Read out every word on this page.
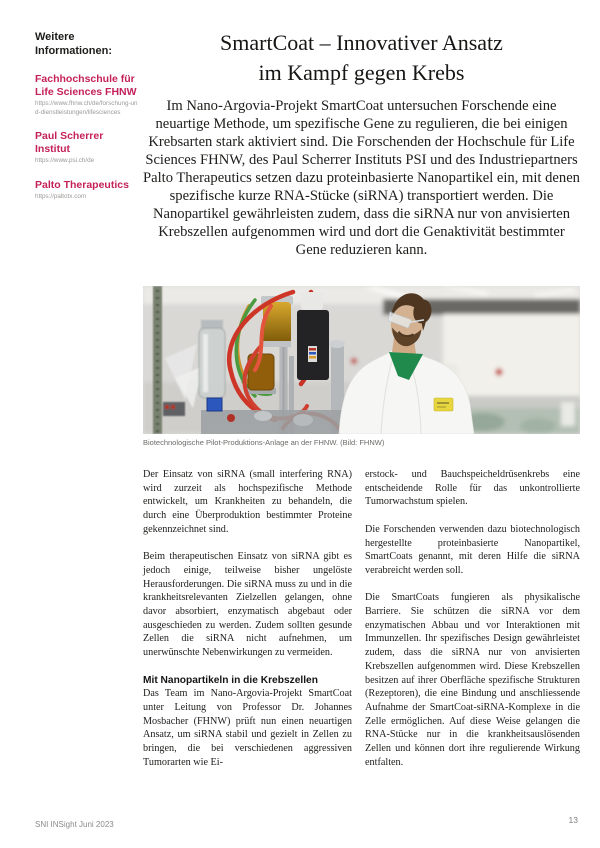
Weitere Informationen:
Fachhochschule für Life Sciences FHNW
https://www.fhnw.ch/de/forschung-und-dienstleistungen/lifesciences
Paul Scherrer Institut
https://www.psi.ch/de
Palto Therapeutics
https://paltotx.com
SmartCoat – Innovativer Ansatz
im Kampf gegen Krebs

Im Nano-Argovia-Projekt SmartCoat untersuchen Forschende eine neuartige Methode, um spezifische Gene zu regulieren, die bei einigen Krebsarten stark aktiviert sind. Die Forschenden der Hochschule für Life Sciences FHNW, des Paul Scherrer Instituts PSI und des Industriepartners Palto Therapeutics setzen dazu proteinbasierte Nanopartikel ein, mit denen spezifische kurze RNA-Stücke (siRNA) transportiert werden. Die Nanopartikel gewährleisten zudem, dass die siRNA nur von anvisierten Krebszellen aufgenommen wird und dort die Genaktivität bestimmter Gene reduzieren kann.

Biotechnologische Pilot-Produktions-Anlage an der FHNW. (Bild: FHNW)

Der Einsatz von siRNA (small interfering RNA) wird zurzeit als hochspezifische Methode entwickelt, um Krankheiten zu behandeln, die durch eine Überproduktion bestimmter Proteine gekennzeichnet sind.

Beim therapeutischen Einsatz von siRNA gibt es jedoch einige, teilweise bisher ungelöste Herausforderungen. Die siRNA muss zu und in die krankheitsrelevanten Zielzellen gelangen, ohne davor absorbiert, enzymatisch abgebaut oder ausgeschieden zu werden. Zudem sollten gesunde Zellen die siRNA nicht aufnehmen, um unerwünschte Nebenwirkungen zu vermeiden.

Mit Nanopartikeln in die Krebszellen

Das Team im Nano-Argovia-Projekt SmartCoat unter Leitung von Professor Dr. Johannes Mosbacher (FHNW) prüft nun einen neuartigen Ansatz, um siRNA stabil und gezielt in Zellen zu bringen, die bei verschiedenen aggressiven Tumorarten wie Ei-

erstock- und Bauchspeicheldrüsenkrebs eine entscheidende Rolle für das unkontrollierte Tumorwachstum spielen.

Die Forschenden verwenden dazu biotechnologisch hergestellte proteinbasierte Nanopartikel, SmartCoats genannt, mit deren Hilfe die siRNA verabreicht werden soll.

Die SmartCoats fungieren als physikalische Barriere. Sie schützen die siRNA vor dem enzymatischen Abbau und vor Interaktionen mit Immunzellen. Ihr spezifisches Design gewährleistet zudem, dass die siRNA nur von anvisierten Krebszellen aufgenommen wird. Diese Krebszellen besitzen auf ihrer Oberfläche spezifische Strukturen (Rezeptoren), die eine Bindung und anschliessende Aufnahme der SmartCoat-siRNA-Komplexe in die Zelle ermöglichen. Auf diese Weise gelangen die RNA-Stücke nur in die krankheitsauslösenden Zellen und können dort ihre regulierende Wirkung entfalten.

SNI INSight Juni 2023	13
